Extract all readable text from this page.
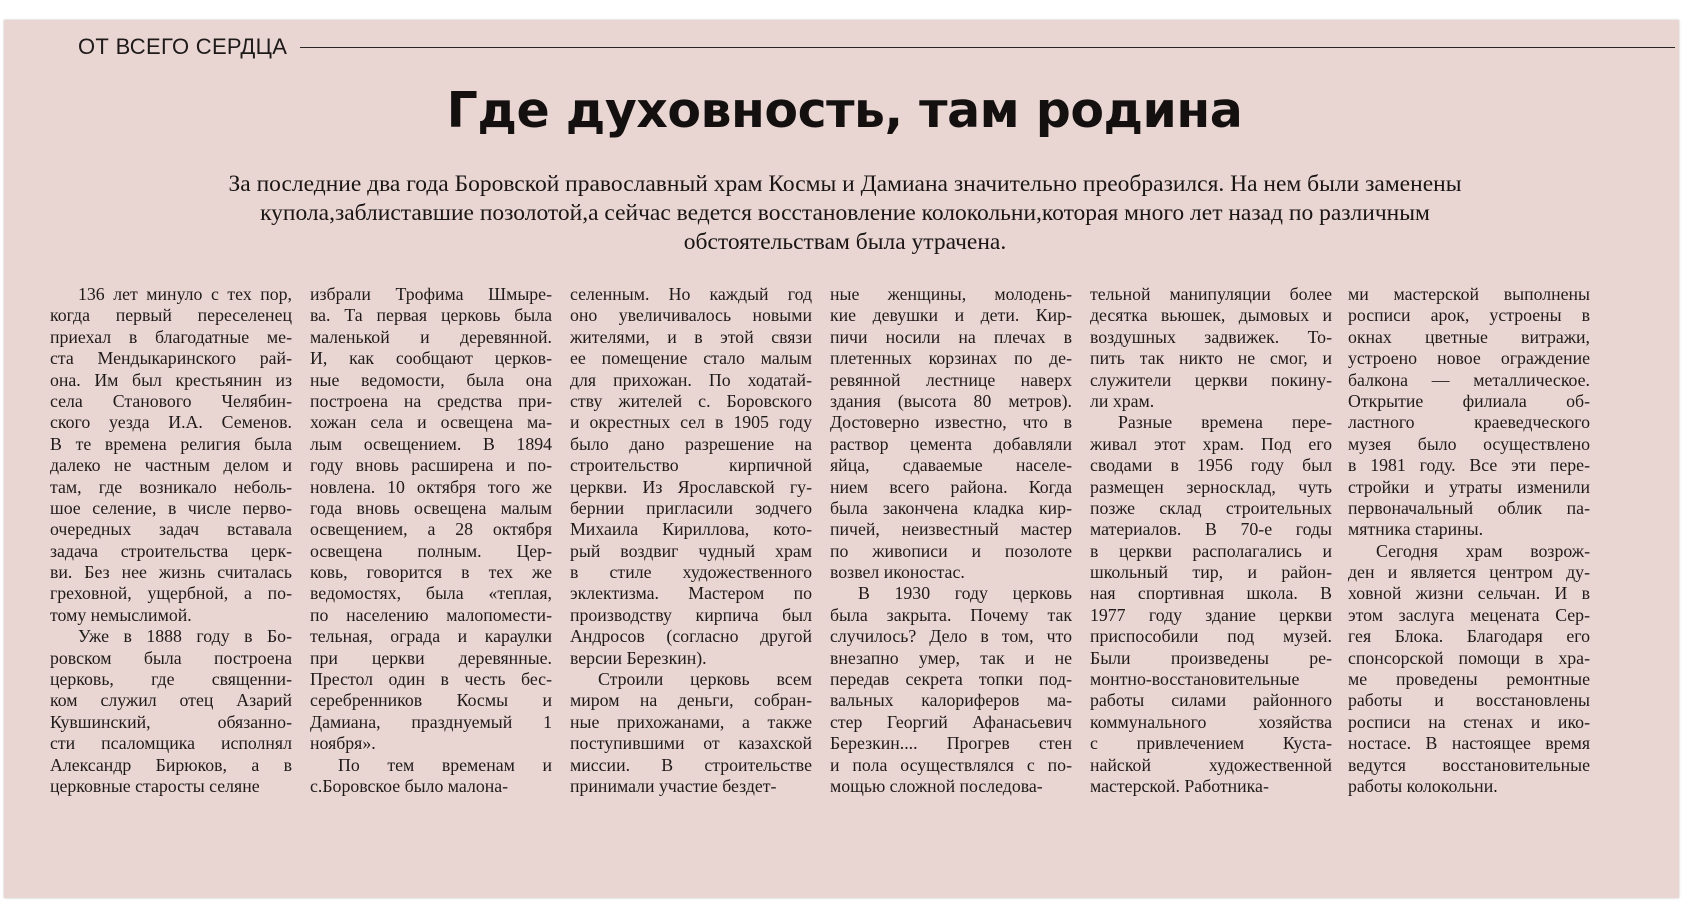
ОТ ВСЕГО СЕРДЦА
Где духовность, там родина
За последние два года Боровской православный храм Космы и Дамиана значительно преобразился. На нем были заменены
купола,заблиставшие позолотой,а сейчас ведется восстановление колокольни,которая много лет назад по различным
обстоятельствам была утрачена.
136 лет минуло с тех пор,
когда первый переселенец
приехал в благодатные ме-
ста Мендыкаринского рай-
она. Им был крестьянин из
села Станового Челябин-
ского уезда И.А. Семенов.
В те времена религия была
далеко не частным делом и
там, где возникало неболь-
шое селение, в числе перво-
очередных задач вставала
задача строительства церк-
ви. Без нее жизнь считалась
греховной, ущербной, а по-
тому немыслимой.
Уже в 1888 году в Бо-
ровском была построена
церковь, где священни-
ком служил отец Азарий
Кувшинский, обязанно-
сти псаломщика исполнял
Александр Бирюков, а в
церковные старосты селяне
избрали Трофима Шмыре-
ва. Та первая церковь была
маленькой и деревянной.
И, как сообщают церков-
ные ведомости, была она
построена на средства при-
хожан села и освещена ма-
лым освещением. В 1894
году вновь расширена и по-
новлена. 10 октября того же
года вновь освещена малым
освещением, а 28 октября
освещена полным. Цер-
ковь, говорится в тех же
ведомостях, была «теплая,
по населению малопомести-
тельная, ограда и караулки
при церкви деревянные.
Престол один в честь бес-
серебренников Космы и
Дамиана, празднуемый 1
ноября».
По тем временам и
с.Боровское было малона-
селенным. Но каждый год
оно увеличивалось новыми
жителями, и в этой связи
ее помещение стало малым
для прихожан. По ходатай-
ству жителей с. Боровского
и окрестных сел в 1905 году
было дано разрешение на
строительство кирпичной
церкви. Из Ярославской гу-
бернии пригласили зодчего
Михаила Кириллова, кото-
рый воздвиг чудный храм
в стиле художественного
эклектизма. Мастером по
производству кирпича был
Андросов (согласно другой
версии Березкин).
Строили церковь всем
миром на деньги, собран-
ные прихожанами, а также
поступившими от казахской
миссии. В строительстве
принимали участие бездет-
ные женщины, молодень-
кие девушки и дети. Кир-
пичи носили на плечах в
плетенных корзинах по де-
ревянной лестнице наверх
здания (высота 80 метров).
Достоверно известно, что в
раствор цемента добавляли
яйца, сдаваемые населе-
нием всего района. Когда
была закончена кладка кир-
пичей, неизвестный мастер
по живописи и позолоте
возвел иконостас.
В 1930 году церковь
была закрыта. Почему так
случилось? Дело в том, что
внезапно умер, так и не
передав секрета топки под-
вальных калориферов ма-
стер Георгий Афанасьевич
Березкин.... Прогрев стен
и пола осуществлялся с по-
мощью сложной последова-
тельной манипуляции более
десятка вьюшек, дымовых и
воздушных задвижек. То-
пить так никто не смог, и
служители церкви покину-
ли храм.
Разные времена пере-
живал этот храм. Под его
сводами в 1956 году был
размещен зерносклад, чуть
позже склад строительных
материалов. В 70-е годы
в церкви располагались и
школьный тир, и район-
ная спортивная школа. В
1977 году здание церкви
приспособили под музей.
Были произведены ре-
монтно-восстановительные
работы силами районного
коммунального хозяйства
с привлечением Куста-
найской художественной
мастерской. Работника-
ми мастерской выполнены
росписи арок, устроены в
окнах цветные витражи,
устроено новое ограждение
балкона — металлическое.
Открытие филиала об-
ластного краеведческого
музея было осуществлено
в 1981 году. Все эти пере-
стройки и утраты изменили
первоначальный облик па-
мятника старины.
Сегодня храм возрож-
ден и является центром ду-
ховной жизни сельчан. И в
этом заслуга мецената Сер-
гея Блока. Благодаря его
спонсорской помощи в хра-
ме проведены ремонтные
работы и восстановлены
росписи на стенах и ико-
ностасе. В настоящее время
ведутся восстановительные
работы колокольни.
